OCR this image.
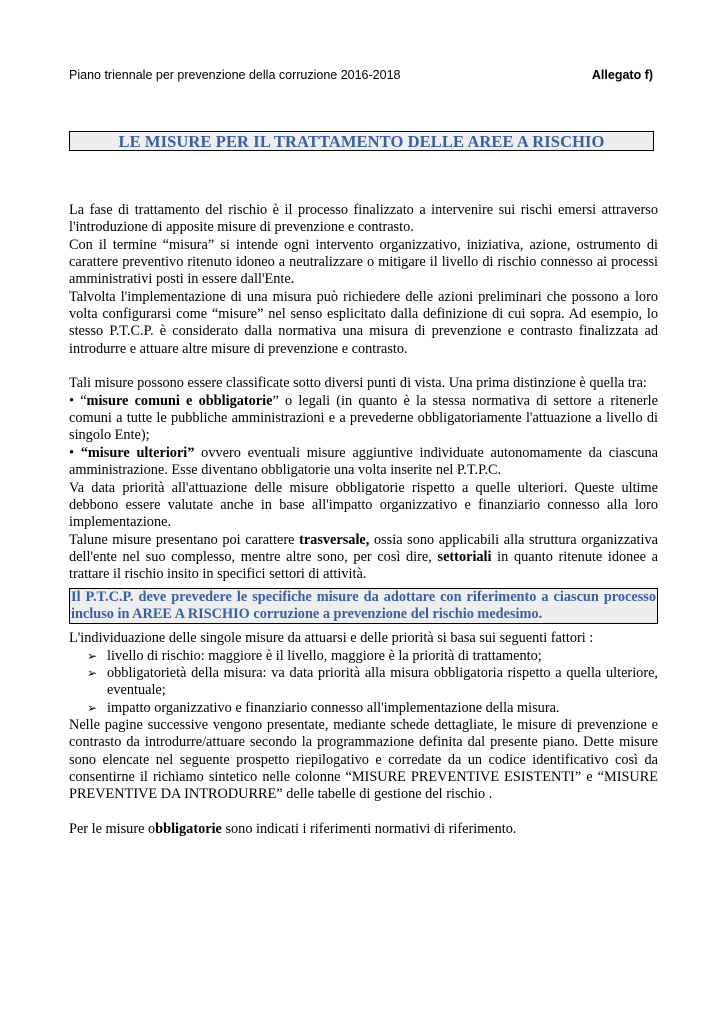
Piano triennale per prevenzione della corruzione 2016-2018	Allegato f)
LE MISURE PER IL TRATTAMENTO DELLE AREE A RISCHIO

La fase di trattamento del rischio è il processo finalizzato a intervenire sui rischi emersi attraverso l'introduzione di apposite misure di prevenzione e contrasto.

Con il termine “misura” si intende ogni intervento organizzativo, iniziativa, azione, ostrumento di carattere preventivo ritenuto idoneo a neutralizzare o mitigare il livello di rischio connesso ai processi amministrativi posti in essere dall'Ente.

Talvolta l'implementazione di una misura può richiedere delle azioni preliminari che possono a loro volta configurarsi come “misure” nel senso esplicitato dalla definizione di cui sopra. Ad esempio, lo stesso P.T.C.P. è considerato dalla normativa una misura di prevenzione e contrasto finalizzata ad introdurre e attuare altre misure di prevenzione e contrasto.

Tali misure possono essere classificate sotto diversi punti di vista. Una prima distinzione è quella tra:

• “misure comuni e obbligatorie” o legali (in quanto è la stessa normativa di settore a ritenerle comuni a tutte le pubbliche amministrazioni e a prevederne obbligatoriamente l'attuazione a livello di singolo Ente);

• “misure ulteriori” ovvero eventuali misure aggiuntive individuate autonomamente da ciascuna amministrazione. Esse diventano obbligatorie una volta inserite nel P.T.P.C.

Va data priorità all'attuazione delle misure obbligatorie rispetto a quelle ulteriori. Queste ultime debbono essere valutate anche in base all'impatto organizzativo e finanziario connesso alla loro implementazione.

Talune misure presentano poi carattere trasversale, ossia sono applicabili alla struttura organizzativa dell'ente nel suo complesso, mentre altre sono, per così dire, settoriali in quanto ritenute idonee a trattare il rischio insito in specifici settori di attività.

Il P.T.C.P. deve prevedere le specifiche misure da adottare con riferimento a ciascun processo incluso in AREE A RISCHIO corruzione a prevenzione del rischio medesimo.

L'individuazione delle singole misure da attuarsi e delle priorità si basa sui seguenti fattori :

➢ livello di rischio: maggiore è il livello, maggiore è la priorità di trattamento;
➢ obbligatorietà della misura: va data priorità alla misura obbligatoria rispetto a quella ulteriore, eventuale;
➢ impatto organizzativo e finanziario connesso all'implementazione della misura.

Nelle pagine successive vengono presentate, mediante schede dettagliate, le misure di prevenzione e contrasto da introdurre/attuare secondo la programmazione definita dal presente piano. Dette misure sono elencate nel seguente prospetto riepilogativo e corredate da un codice identificativo così da consentirne il richiamo sintetico nelle colonne “MISURE PREVENTIVE ESISTENTI” e “MISURE PREVENTIVE DA INTRODURRE” delle tabelle di gestione del rischio .

Per le misure obbligatorie sono indicati i riferimenti normativi di riferimento.
